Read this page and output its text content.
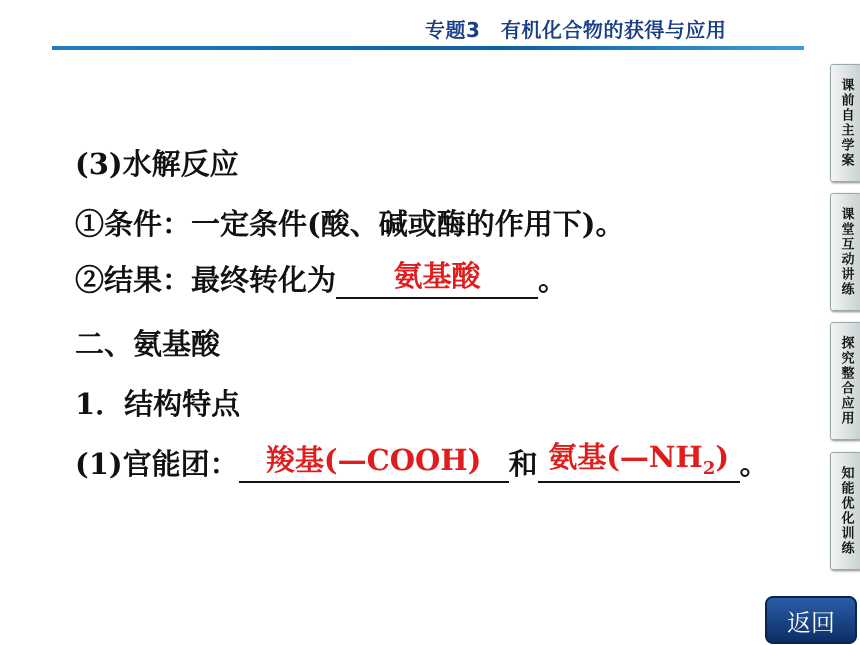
专题3　有机化合物的获得与应用
(3)水解反应
①条件：一定条件(酸、碱或酶的作用下)。
②结果：最终转化为	氨基酸	。
二、氨基酸
1．结构特点
(1)官能团： 羧基(—COOH) 和 氨基$(—NH_2)$ 。
课前自主学案
课堂互动讲练
探究整合应用
知能优化训练
返回
